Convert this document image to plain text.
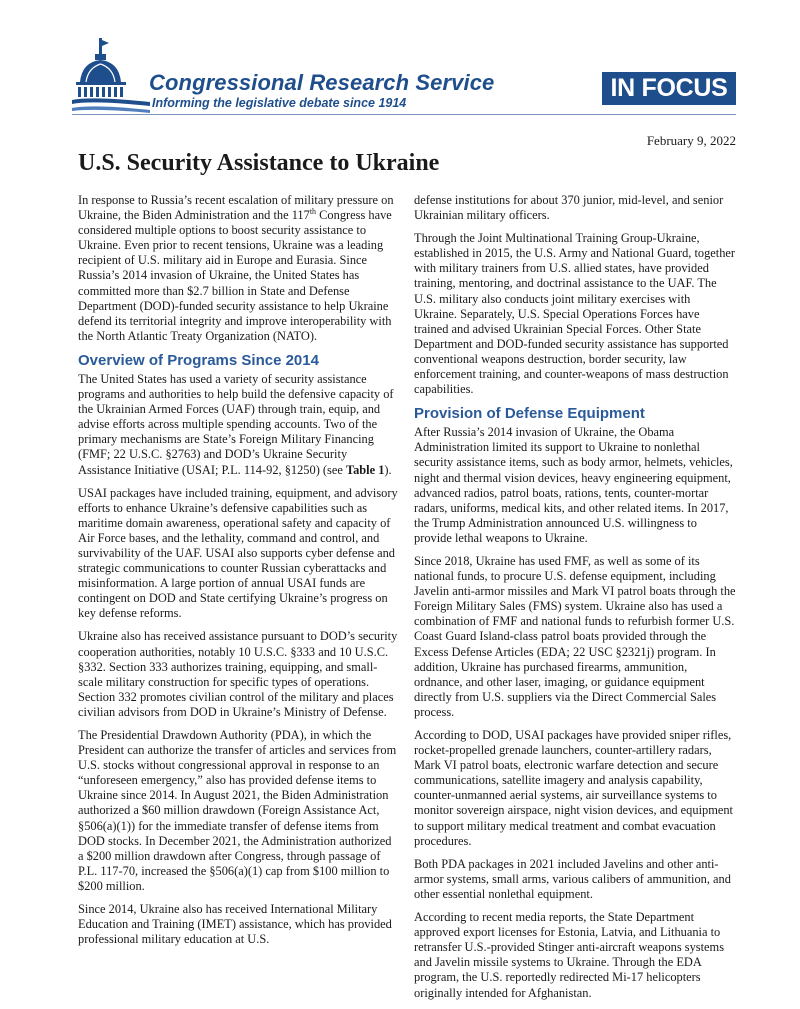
Congressional Research Service
Informing the legislative debate since 1914
IN FOCUS
February 9, 2022
U.S. Security Assistance to Ukraine

In response to Russia’s recent escalation of military pressure on Ukraine, the Biden Administration and the 117th Congress have considered multiple options to boost security assistance to Ukraine. Even prior to recent tensions, Ukraine was a leading recipient of U.S. military aid in Europe and Eurasia. Since Russia’s 2014 invasion of Ukraine, the United States has committed more than $2.7 billion in State and Defense Department (DOD)-funded security assistance to help Ukraine defend its territorial integrity and improve interoperability with the North Atlantic Treaty Organization (NATO).

Overview of Programs Since 2014

The United States has used a variety of security assistance programs and authorities to help build the defensive capacity of the Ukrainian Armed Forces (UAF) through train, equip, and advise efforts across multiple spending accounts. Two of the primary mechanisms are State’s Foreign Military Financing (FMF; 22 U.S.C. §2763) and DOD’s Ukraine Security Assistance Initiative (USAI; P.L. 114-92, §1250) (see Table 1).

USAI packages have included training, equipment, and advisory efforts to enhance Ukraine’s defensive capabilities such as maritime domain awareness, operational safety and capacity of Air Force bases, and the lethality, command and control, and survivability of the UAF. USAI also supports cyber defense and strategic communications to counter Russian cyberattacks and misinformation. A large portion of annual USAI funds are contingent on DOD and State certifying Ukraine’s progress on key defense reforms.

Ukraine also has received assistance pursuant to DOD’s security cooperation authorities, notably 10 U.S.C. §333 and 10 U.S.C. §332. Section 333 authorizes training, equipping, and small-scale military construction for specific types of operations. Section 332 promotes civilian control of the military and places civilian advisors from DOD in Ukraine’s Ministry of Defense.

The Presidential Drawdown Authority (PDA), in which the President can authorize the transfer of articles and services from U.S. stocks without congressional approval in response to an “unforeseen emergency,” also has provided defense items to Ukraine since 2014. In August 2021, the Biden Administration authorized a $60 million drawdown (Foreign Assistance Act, §506(a)(1)) for the immediate transfer of defense items from DOD stocks. In December 2021, the Administration authorized a $200 million drawdown after Congress, through passage of P.L. 117-70, increased the §506(a)(1) cap from $100 million to $200 million.

Since 2014, Ukraine also has received International Military Education and Training (IMET) assistance, which has provided professional military education at U.S.

defense institutions for about 370 junior, mid-level, and senior Ukrainian military officers.

Through the Joint Multinational Training Group-Ukraine, established in 2015, the U.S. Army and National Guard, together with military trainers from U.S. allied states, have provided training, mentoring, and doctrinal assistance to the UAF. The U.S. military also conducts joint military exercises with Ukraine. Separately, U.S. Special Operations Forces have trained and advised Ukrainian Special Forces. Other State Department and DOD-funded security assistance has supported conventional weapons destruction, border security, law enforcement training, and counter-weapons of mass destruction capabilities.

Provision of Defense Equipment

After Russia’s 2014 invasion of Ukraine, the Obama Administration limited its support to Ukraine to nonlethal security assistance items, such as body armor, helmets, vehicles, night and thermal vision devices, heavy engineering equipment, advanced radios, patrol boats, rations, tents, counter-mortar radars, uniforms, medical kits, and other related items. In 2017, the Trump Administration announced U.S. willingness to provide lethal weapons to Ukraine.

Since 2018, Ukraine has used FMF, as well as some of its national funds, to procure U.S. defense equipment, including Javelin anti-armor missiles and Mark VI patrol boats through the Foreign Military Sales (FMS) system. Ukraine also has used a combination of FMF and national funds to refurbish former U.S. Coast Guard Island-class patrol boats provided through the Excess Defense Articles (EDA; 22 USC §2321j) program. In addition, Ukraine has purchased firearms, ammunition, ordnance, and other laser, imaging, or guidance equipment directly from U.S. suppliers via the Direct Commercial Sales process.

According to DOD, USAI packages have provided sniper rifles, rocket-propelled grenade launchers, counter-artillery radars, Mark VI patrol boats, electronic warfare detection and secure communications, satellite imagery and analysis capability, counter-unmanned aerial systems, air surveillance systems to monitor sovereign airspace, night vision devices, and equipment to support military medical treatment and combat evacuation procedures.

Both PDA packages in 2021 included Javelins and other anti-armor systems, small arms, various calibers of ammunition, and other essential nonlethal equipment.

According to recent media reports, the State Department approved export licenses for Estonia, Latvia, and Lithuania to retransfer U.S.-provided Stinger anti-aircraft weapons systems and Javelin missile systems to Ukraine. Through the EDA program, the U.S. reportedly redirected Mi-17 helicopters originally intended for Afghanistan.
